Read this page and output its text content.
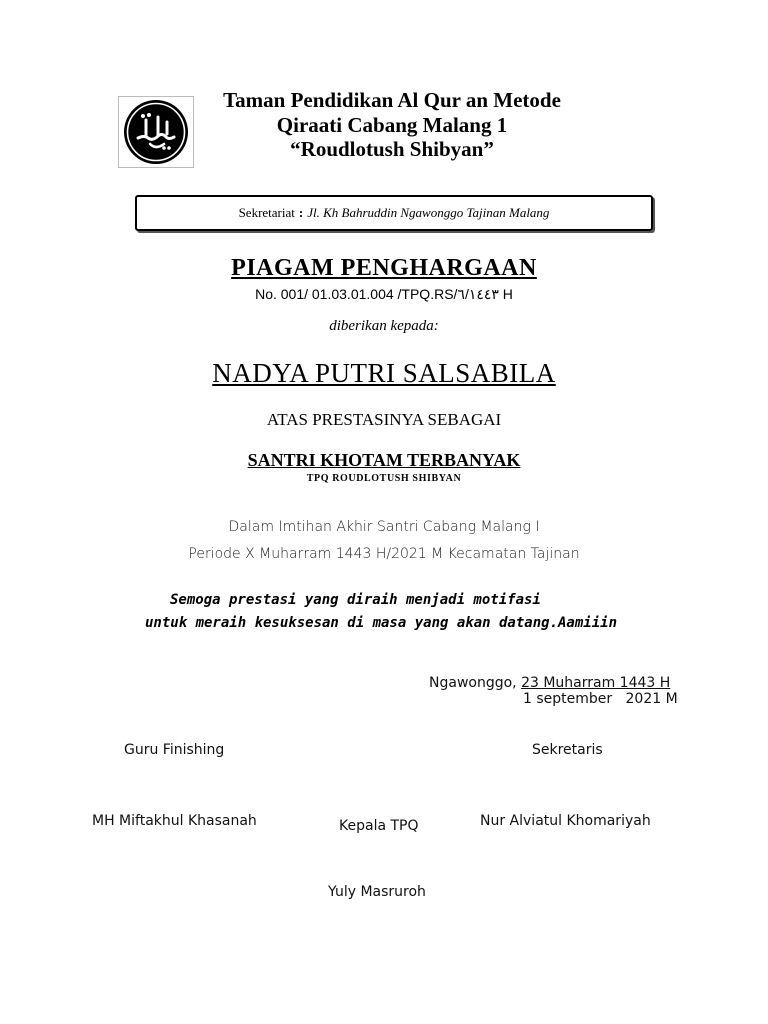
Taman Pendidikan Al Qur an Metode
Qiraati Cabang Malang 1
“Roudlotush Shibyan”
Sekretariat : Jl. Kh Bahruddin Ngawonggo Tajinan Malang
PIAGAM PENGHARGAAN
No. 001/ 01.03.01.004 /TPQ.RS/٦/١٤٤٣ H
diberikan kepada:
NADYA PUTRI SALSABILA
ATAS PRESTASINYA SEBAGAI
SANTRI KHOTAM TERBANYAK
TPQ ROUDLOTUSH SHIBYAN
Dalam Imtihan Akhir Santri Cabang Malang I
Periode X Muharram 1443 H/2021 M Kecamatan Tajinan
Semoga prestasi yang diraih menjadi motifasi
untuk meraih kesuksesan di masa yang akan datang.Aamiiin
Ngawonggo, 23 Muharram 1443 H
1 september   2021 M
Guru Finishing	Sekretaris
MH Miftakhul Khasanah	Kepala TPQ	Nur Alviatul Khomariyah
Yuly Masruroh
